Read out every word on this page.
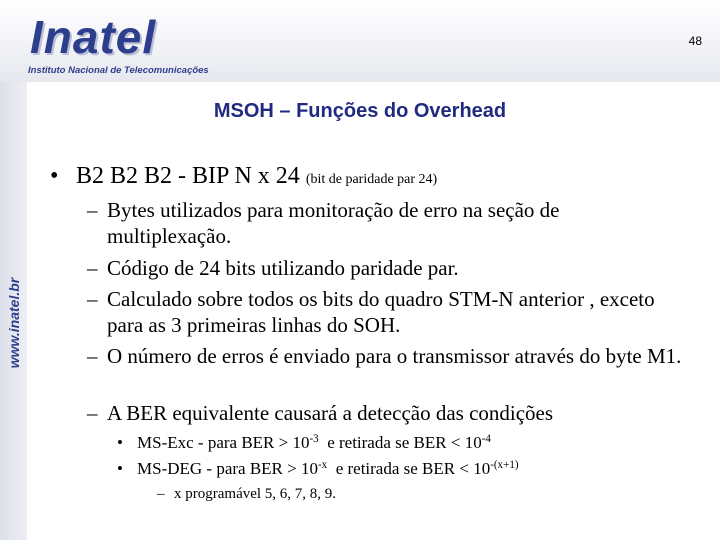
Inatel
Instituto Nacional de Telecomunicações
48
www.inatel.br
MSOH – Funções do Overhead
• B2 B2 B2 - BIP N x 24 (bit de paridade par 24)
– Bytes utilizados para monitoração de erro na seção de multiplexação.
– Código de 24 bits utilizando paridade par.
– Calculado sobre todos os bits do quadro STM-N anterior , exceto para as 3 primeiras linhas do SOH.
– O número de erros é enviado para o transmissor através do byte M1.
– A BER equivalente causará a detecção das condições
• MS-Exc - para BER > $10^{-3}$  e retirada se BER < $10^{-4}$
• MS-DEG - para BER > $10^{-x}$  e retirada se BER < $10^{-(x+1)}$
– x programável 5, 6, 7, 8, 9.
